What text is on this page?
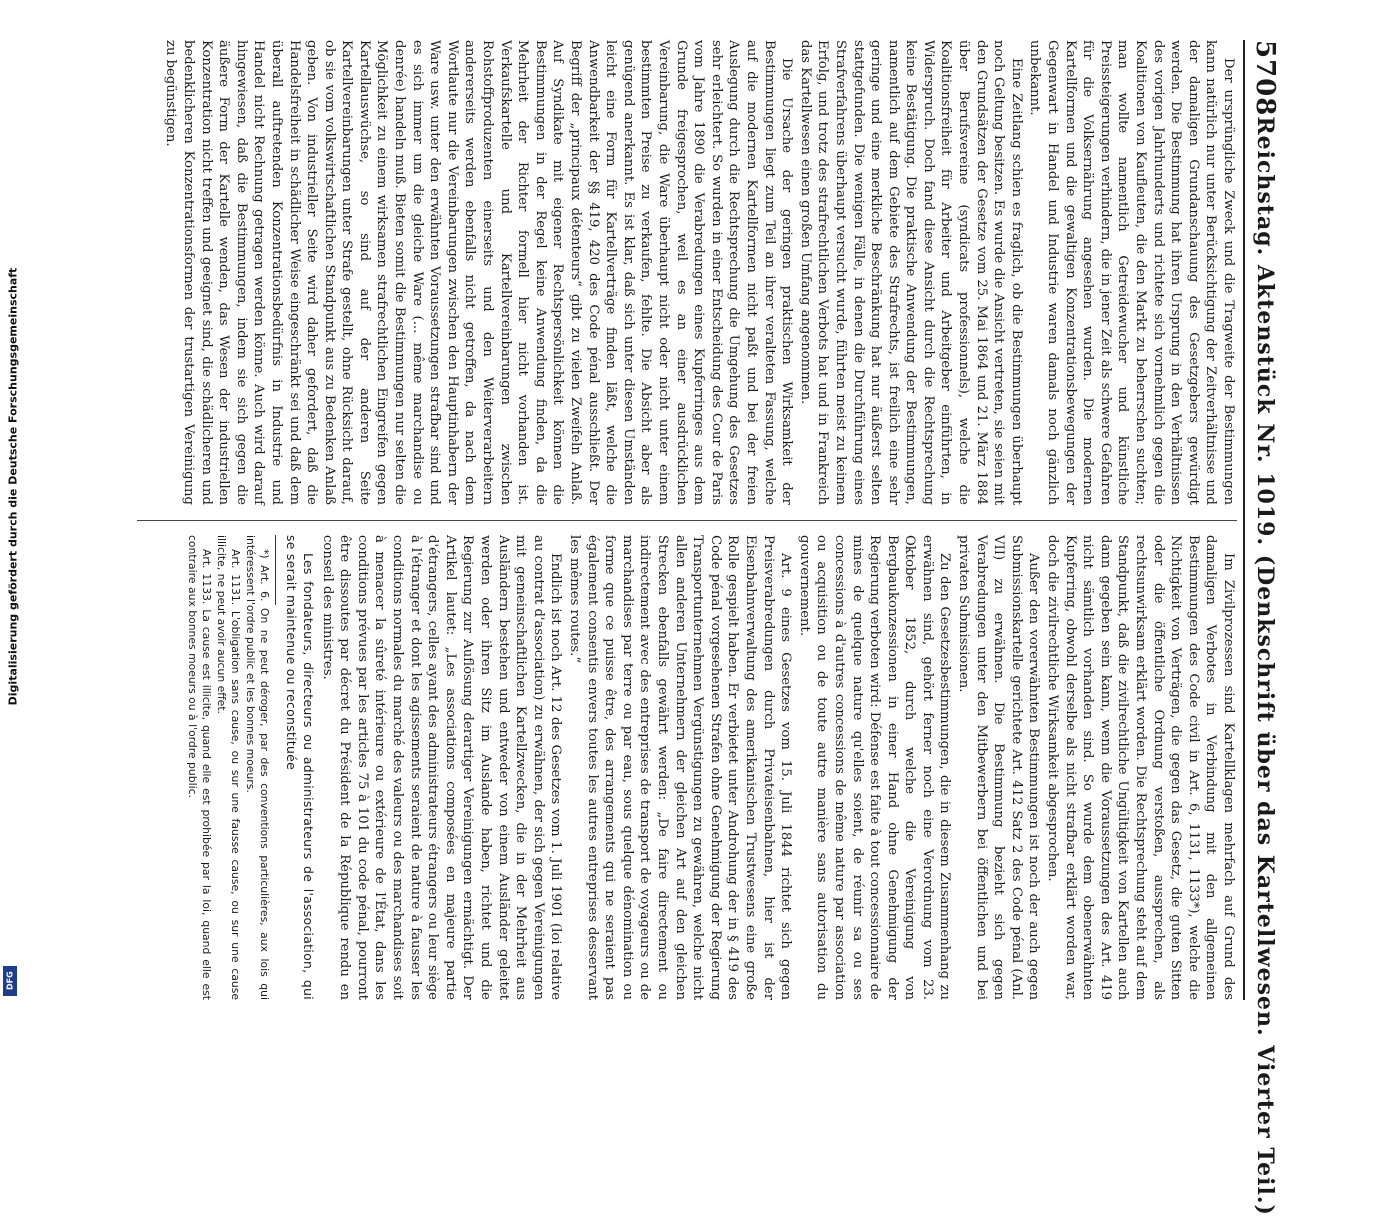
5708
Reichstag. Aktenstück Nr. 1019. (Denkschrift über das Kartellwesen. Vierter Teil.)

Der ursprüngliche Zweck und die Tragweite der Bestimmungen kann natürlich nur unter Berücksichtigung der Zeitverhältnisse und der damaligen Grundanschauung des Gesetzgebers gewürdigt werden. Die Bestimmung hat ihren Ursprung in den Verhältnissen des vorigen Jahrhunderts und richtete sich vornehmlich gegen die Koalitionen von Kaufleuten, die den Markt zu beherrschen suchten; man wollte namentlich Getreidewucher und künstliche Preissteigerungen verhindern, die in jener Zeit als schwere Gefahren für die Volksernährung angesehen wurden. Die modernen Kartellformen und die gewaltigen Konzentrationsbewegungen der Gegenwart in Handel und Industrie waren damals noch gänzlich unbekannt.

Eine Zeitlang schien es fraglich, ob die Bestimmungen überhaupt noch Geltung besitzen. Es wurde die Ansicht vertreten, sie seien mit den Grundsätzen der Gesetze vom 25. Mai 1864 und 21. März 1884 über Berufsvereine (syndicats professionnels), welche die Koalitionsfreiheit für Arbeiter und Arbeitgeber einführten, in Widerspruch. Doch fand diese Ansicht durch die Rechtsprechung keine Bestätigung. Die praktische Anwendung der Bestimmungen, namentlich auf dem Gebiete des Strafrechts, ist freilich eine sehr geringe und eine merkliche Beschränkung hat nur äußerst selten stattgefunden. Die wenigen Fälle, in denen die Durchführung eines Strafverfahrens überhaupt versucht wurde, führten meist zu keinem Erfolg, und trotz des strafrechtlichen Verbots hat und in Frankreich das Kartellwesen einen großen Umfang angenommen.

Die Ursache der geringen praktischen Wirksamkeit der Bestimmungen liegt zum Teil an ihrer veralteten Fassung, welche auf die modernen Kartellformen nicht paßt und bei der freien Auslegung durch die Rechtsprechung die Umgehung des Gesetzes sehr erleichtert. So wurden in einer Entscheidung des Cour de Paris vom Jahre 1890 die Verabredungen eines Kupferringes aus dem Grunde freigesprochen, weil es an einer ausdrücklichen Vereinbarung, die Ware überhaupt nicht oder nicht unter einem bestimmten Preise zu verkaufen, fehlte. Die Absicht aber als genügend anerkannt. Es ist klar, daß sich unter diesen Umständen leicht eine Form für Kartellverträge finden läßt, welche die Anwendbarkeit der §§ 419, 420 des Code pénal ausschließt. Der Begriff der „principaux détenteurs“ gibt zu vielen Zweifeln Anlaß. Auf Syndikate mit eigener Rechtspersönlichkeit können die Bestimmungen in der Regel keine Anwendung finden, da die Mehrheit der Richter formell hier nicht vorhanden ist. Verkaufskartelle und Kartellvereinbarungen zwischen Rohstoffproduzenten einerseits und den Weiterverarbeitern andererseits werden ebenfalls nicht getroffen, da nach dem Wortlaute nur die Vereinbarungen zwischen den Hauptinhabern der Ware usw. unter den erwähnten Voraussetzungen strafbar sind und es sich immer um die gleiche Ware (... même marchandise ou denrée) handeln muß. Bieten somit die Bestimmungen nur selten die Möglichkeit zu einem wirksamen strafrechtlichen Eingreifen gegen Kartellauswüchse, so sind auf der anderen Seite Kartellvereinbarungen unter Strafe gestellt, ohne Rücksicht darauf, ob sie vom volkswirtschaftlichen Standpunkt aus zu Bedenken Anlaß geben. Von industrieller Seite wird daher gefordert, daß die Handelsfreiheit in schädlicher Weise eingeschränkt sei und daß dem überall auftretenden Konzentrationsbedürfnis in Industrie und Handel nicht Rechnung getragen werden könne. Auch wird darauf hingewiesen, daß die Bestimmungen, indem sie sich gegen die äußere Form der Kartelle wenden, das Wesen der industriellen Konzentration nicht treffen und geeignet sind, die schädlicheren und bedenklicheren Konzentrationsformen der trustartigen Vereinigung zu begünstigen.

Im Zivilprozessen sind Kartellklagen mehrfach auf Grund des damaligen Verbotes in Verbindung mit den allgemeinen Bestimmungen des Code civil in Art. 6, 1131, 1133*), welche die Nichtigkeit von Verträgen, die gegen das Gesetz, die guten Sitten oder die öffentliche Ordnung verstoßen, aussprechen, als rechtsunwirksam erklärt worden. Die Rechtsprechung steht auf dem Standpunkt, daß die zivilrechtliche Ungültigkeit von Kartellen auch dann gegeben sein kann, wenn die Voraussetzungen des Art. 419 nicht sämtlich vorhanden sind. So wurde dem obenerwähnten Kupferring, obwohl derselbe als nicht strafbar erklärt worden war, doch die zivilrechtliche Wirksamkeit abgesprochen.

Außer den vorerwähnten Bestimmungen ist noch der auch gegen Submissionskartelle gerichtete Art. 412 Satz 2 des Code pénal (Anl. VII) zu erwähnen. Die Bestimmung bezieht sich gegen Verabredungen unter den Mitbewerbern bei öffentlichen und bei privaten Submissionen.

Zu den Gesetzesbestimmungen, die in diesem Zusammenhang zu erwähnen sind, gehört ferner noch eine Verordnung vom 23. Oktober 1852, durch welche die Vereinigung von Bergbaukonzessionen in einer Hand ohne Genehmigung der Regierung verboten wird: Défense est faite à tout concessionnaire de mines de quelque nature qu'elles soient, de réunir sa ou ses concessions à d'autres concessions de même nature par association ou acquisition ou de toute autre manière sans autorisation du gouvernement.

Art. 9 eines Gesetzes vom 15. Juli 1844 richtet sich gegen Preisverabredungen durch Privateisenbahnen, hier ist der Eisenbahnverwaltung des amerikanischen Trustwesens eine große Rolle gespielt haben. Er verbietet unter Androhung der in § 419 des Code pénal vorgesehenen Strafen ohne Genehmigung der Regierung Transportunternehmen Vergünstigungen zu gewähren, welche nicht allen anderen Unternehmern der gleichen Art auf den gleichen Strecken ebenfalls gewährt werden: „De faire directement ou indirectement avec des entreprises de transport de voyageurs ou de marchandises par terre ou par eau, sous quelque dénomination ou forme que ce puisse être, des arrangements qui ne seraient pas également consentis envers toutes les autres entreprises desservant les mêmes routes.“

Endlich ist noch Art. 12 des Gesetzes vom 1. Juli 1901 (loi relative au contrat d'association) zu erwähnen, der sich gegen Vereinigungen mit gemeinschaftlichen Kartellzwecken, die in der Mehrheit aus Ausländern bestehen und entweder von einem Ausländer geleitet werden oder ihren Sitz im Auslande haben, richtet und die Regierung zur Auflösung derartiger Vereinigungen ermächtigt. Der Artikel lautet: „Les associations composées en majeure partie d'étrangers, celles ayant des administrateurs étrangers ou leur siège à l'étranger et dont les agissements seraient de nature à fausser les conditions normales du marché des valeurs ou des marchandises soit à menacer la sûreté intérieure ou extérieure de l'État, dans les conditions prévues par les articles 75 à 101 du code pénal, pourront être dissoutes par décret du Président de la République rendu en conseil des ministres.

Les fondateurs, directeurs ou administrateurs de l'association, qui se serait maintenue ou reconstituée

*) Art. 6. On ne peut déroger, par des conventions particulières, aux lois qui intéressent l'ordre public et les bonnes moeurs.

Art. 1131. L'obligation sans cause, ou sur une fausse cause, ou sur une cause illicite, ne peut avoir aucun effet.

Art. 1133. La cause est illicite, quand elle est prohibée par la loi, quand elle est contraire aux bonnes moeurs ou à l'ordre public.

Digitalisierung gefördert durch die Deutsche Forschungsgemeinschaft
DFG
